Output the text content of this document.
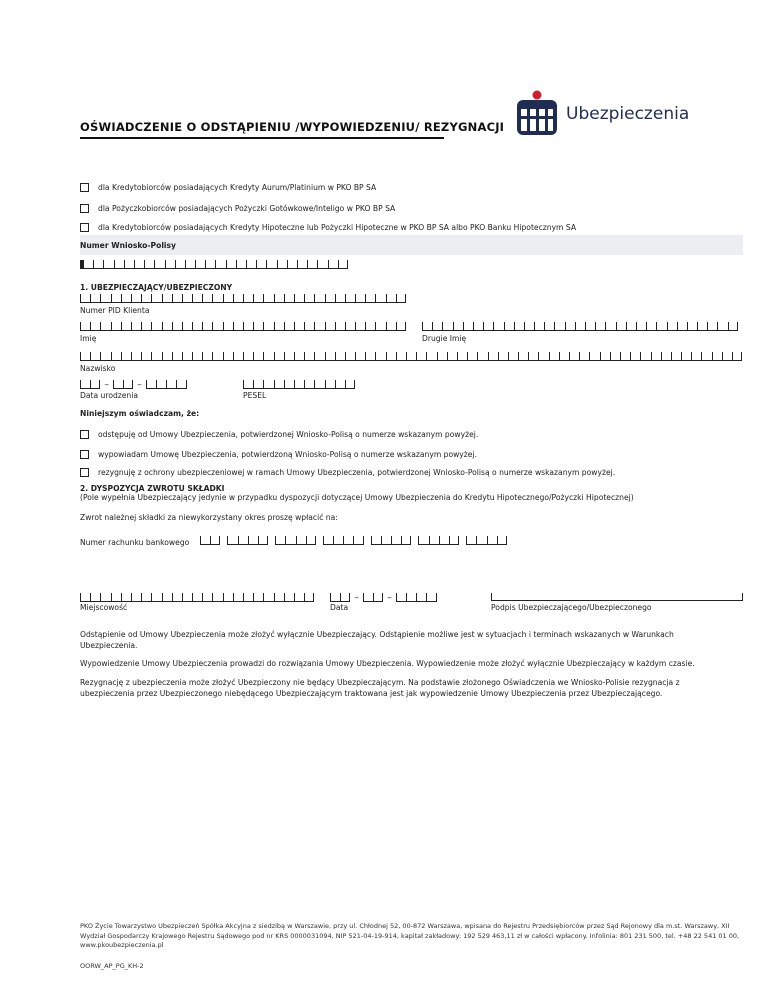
OŚWIADCZENIE O ODSTĄPIENIU /WYPOWIEDZENIU/ REZYGNACJI
Ubezpieczenia
dla Kredytobiorców posiadających Kredyty Aurum/Platinium w PKO BP SA
dla Pożyczkobiorców posiadających Pożyczki Gotówkowe/Inteligo w PKO BP SA
dla Kredytobiorców posiadających Kredyty Hipoteczne lub Pożyczki Hipoteczne w PKO BP SA albo PKO Banku Hipotecznym SA
Numer Wniosko-Polisy
1. UBEZPIECZAJĄCY/UBEZPIECZONY
Numer PID Klienta
Imię	Drugie Imię
Nazwisko
–	–
Data urodzenia	PESEL
Niniejszym oświadczam, że:
odstępuję od Umowy Ubezpieczenia, potwierdzonej Wniosko-Polisą o numerze wskazanym powyżej.
wypowiadam Umowę Ubezpieczenia, potwierdzoną Wniosko-Polisą o numerze wskazanym powyżej.
rezygnuję z ochrony ubezpieczeniowej w ramach Umowy Ubezpieczenia, potwierdzonej Wniosko-Polisą o numerze wskazanym powyżej.
2. DYSPOZYCJA ZWROTU SKŁADKI
(Pole wypełnia Ubezpieczający jedynie w przypadku dyspozycji dotyczącej Umowy Ubezpieczenia do Kredytu Hipotecznego/Pożyczki Hipotecznej)
Zwrot należnej składki za niewykorzystany okres proszę wpłacić na:
Numer rachunku bankowego
Miejscowość
–	–
Data	Podpis Ubezpieczającego/Ubezpieczonego
Odstąpienie od Umowy Ubezpieczenia może złożyć wyłącznie Ubezpieczający. Odstąpienie możliwe jest w sytuacjach i terminach wskazanych w Warunkach Ubezpieczenia.
Wypowiedzenie Umowy Ubezpieczenia prowadzi do rozwiązania Umowy Ubezpieczenia. Wypowiedzenie może złożyć wyłącznie Ubezpieczający w każdym czasie.
Rezygnację z ubezpieczenia może złożyć Ubezpieczony nie będący Ubezpieczającym. Na podstawie złożonego Oświadczenia we Wniosko-Polisie rezygnacja z ubezpieczenia przez Ubezpieczonego niebędącego Ubezpieczającym traktowana jest jak wypowiedzenie Umowy Ubezpieczenia przez Ubezpieczającego.
PKO Życie Towarzystwo Ubezpieczeń Spółka Akcyjna z siedzibą w Warszawie, przy ul. Chłodnej 52, 00-872 Warszawa, wpisana do Rejestru Przedsiębiorców przez Sąd Rejonowy dla m.st. Warszawy, XII Wydział Gospodarczy Krajowego Rejestru Sądowego pod nr KRS 0000031094, NIP 521-04-19-914, kapitał zakładowy: 192 529 463,11 zł w całości wpłacony. Infolinia: 801 231 500, tel. +48 22 541 01 00, www.pkoubezpieczenia.pl
OORW_AP_PG_KH-2
